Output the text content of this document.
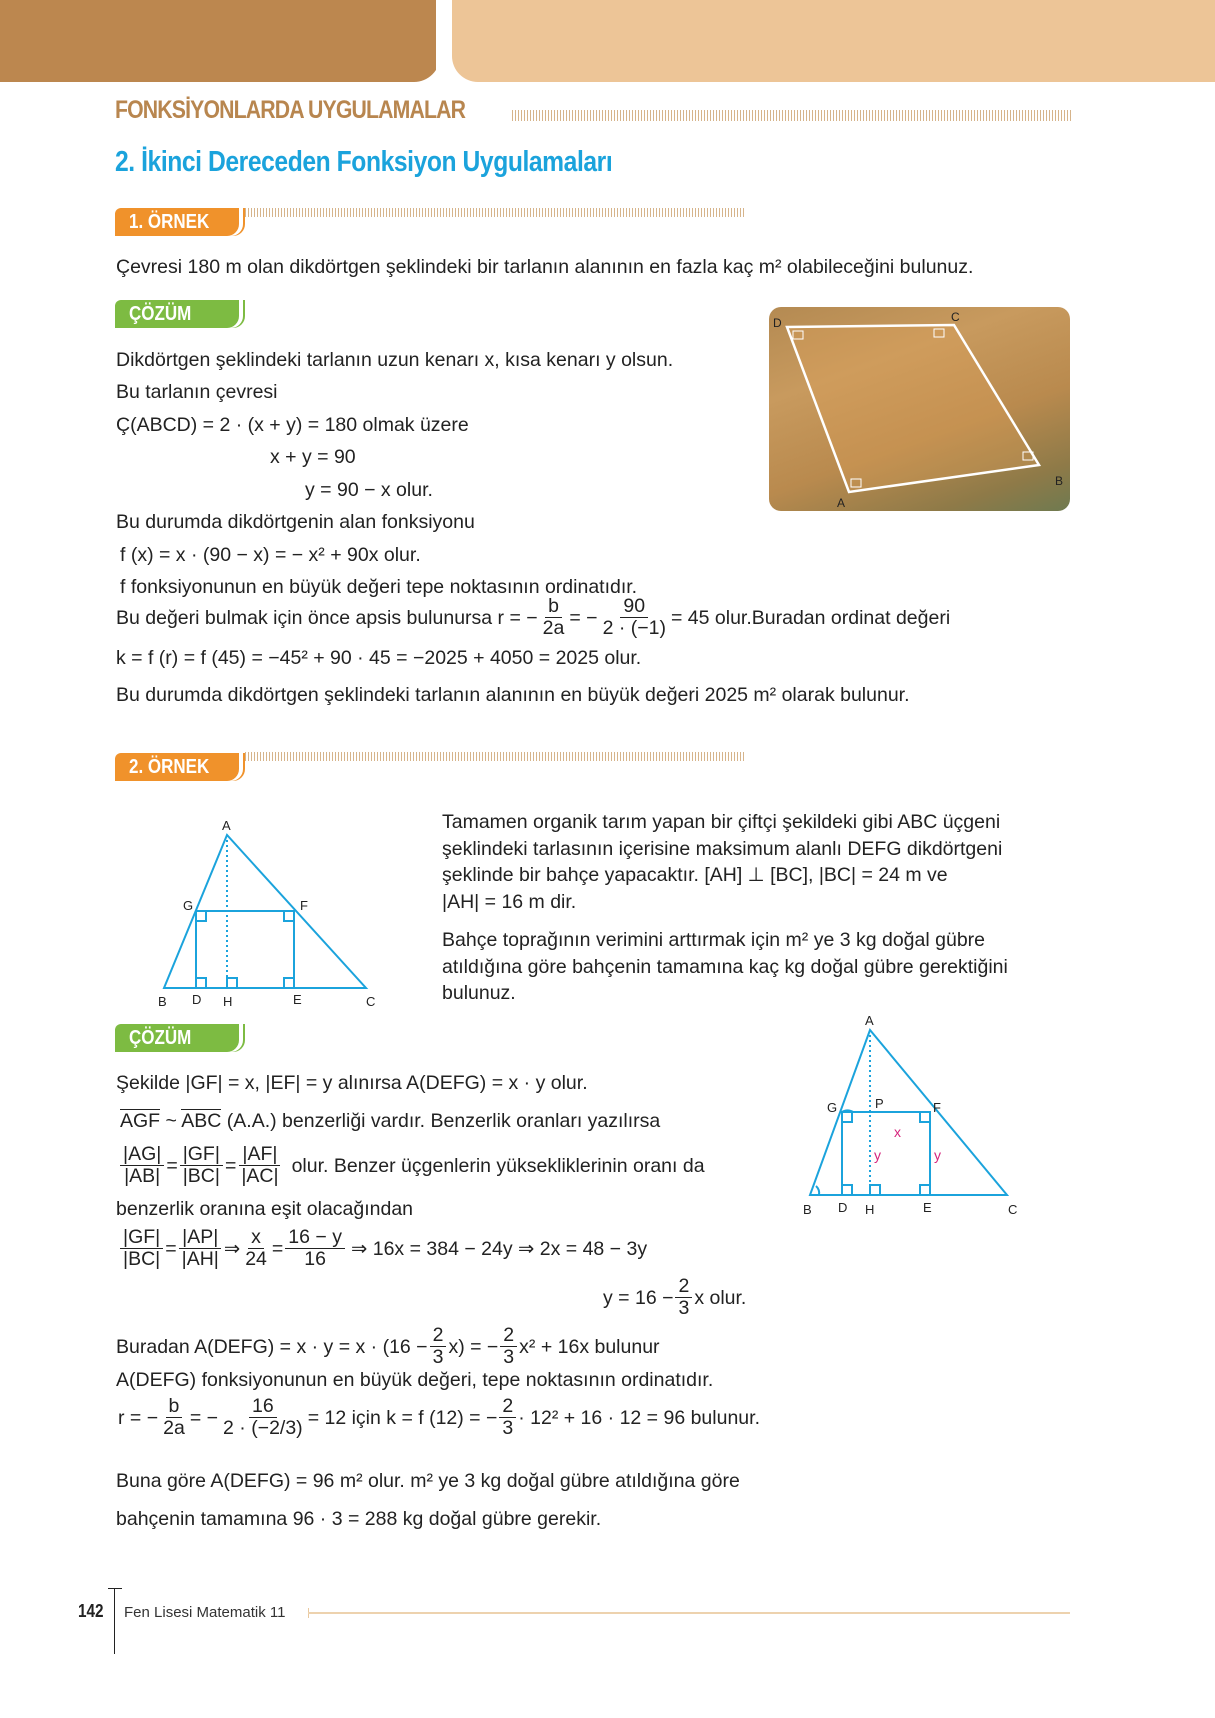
FONKSİYONLARDA UYGULAMALAR
2. İkinci Dereceden Fonksiyon Uygulamaları
1. ÖRNEK
Çevresi 180 m olan dikdörtgen şeklindeki bir tarlanın alanının en fazla kaç m² olabileceğini bulunuz.
ÇÖZÜM	D	C
B
A
Dikdörtgen şeklindeki tarlanın uzun kenarı x, kısa kenarı y olsun.
Bu tarlanın çevresi
Ç(ABCD) = 2 · (x + y) = 180 olmak üzere
x + y = 90
y = 90 − x olur.
Bu durumda dikdörtgenin alan fonksiyonu
f (x) = x · (90 − x) = − x² + 90x olur.
f fonksiyonunun en büyük değeri tepe noktasının ordinatıdır.
Bu değeri bulmak için önce apsis bulunursa r = − $\frac{b}{2a}$ = − $\frac{90}{2 \cdot (-1)} = 45$ olur.Buradan ordinat değeri
k = f (r) = f (45) = −45² + 90 · 45 = −2025 + 4050 = 2025 olur.
Bu durumda dikdörtgen şeklindeki tarlanın alanının en büyük değeri 2025 m² olarak bulunur.
2. ÖRNEK
A
G	F
B D H	E	C
Tamamen organik tarım yapan bir çiftçi şekildeki gibi ABC üçgeni
şeklindeki tarlasının içerisine maksimum alanlı DEFG dikdörtgeni
şeklinde bir bahçe yapacaktır. [AH] ⊥ [BC], |BC| = 24 m ve
|AH| = 16 m dir.
Bahçe toprağının verimini arttırmak için m² ye 3 kg doğal gübre
atıldığına göre bahçenin tamamına kaç kg doğal gübre gerektiğini
bulunuz.
ÇÖZÜM
A
G	P	F
B D H	E	C
x
y	y
Şekilde |GF| = x, |EF| = y alınırsa A(DEFG) = x · y olur.
AGF ~ ABC (A.A.) benzerliği vardır. Benzerlik oranları yazılırsa
$\frac{|AG|}{|AB|} = \frac{|GF|}{|BC|} = \frac{|AF|}{|AC|}$ olur. Benzer üçgenlerin yüksekliklerinin oranı da
benzerlik oranına eşit olacağından
$\frac{|GF|}{|BC|} = \frac{|AP|}{|AH|}$ ⇒ $\frac{x}{24} = \frac{16 - y}{16}$ ⇒ 16x = 384 − 24y ⇒ 2x = 48 − 3y
$y = 16 - \frac{2}{3}$ x olur.
Buradan A(DEFG) = $x \cdot y = x \cdot (16 - \frac{2}{3} x)$ = − $\frac{2}{3} x^2 + 16x$ bulunur
A(DEFG) fonksiyonunun en büyük değeri, tepe noktasının ordinatıdır.
r = − $\frac{b}{2a}$ = − $\frac{16}{2 \cdot (-2/3)} = 12$ için k = f (12) = − $\frac{2}{3} \cdot 12^2 + 16 \cdot 12 = 96$ bulunur.
Buna göre A(DEFG) = 96 m² olur. m² ye 3 kg doğal gübre atıldığına göre
bahçenin tamamına 96 · 3 = 288 kg doğal gübre gerekir.
142 Fen Lisesi Matematik 11
